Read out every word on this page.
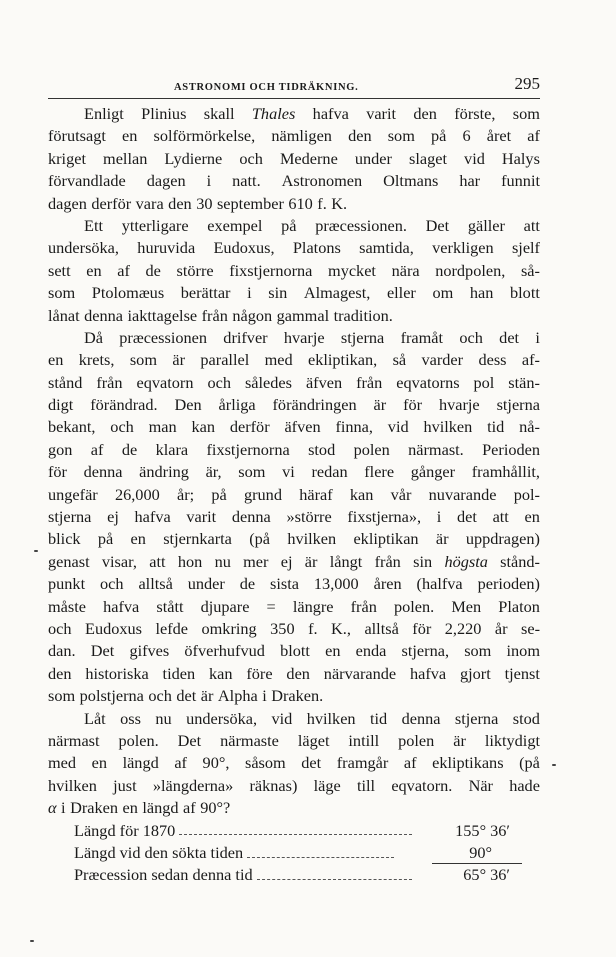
ASTRONOMI OCH TIDRÄKNING.	295
Enligt Plinius skall Thales hafva varit den förste, som
förutsagt en solförmörkelse, nämligen den som på 6 året af
kriget mellan Lydierne och Mederne under slaget vid Halys
förvandlade dagen i natt. Astronomen Oltmans har funnit
dagen derför vara den 30 september 610 f. K.
Ett ytterligare exempel på præcessionen. Det gäller att
undersöka, huruvida Eudoxus, Platons samtida, verkligen sjelf
sett en af de större fixstjernorna mycket nära nordpolen, så-
som Ptolomæus berättar i sin Almagest, eller om han blott
lånat denna iakttagelse från någon gammal tradition.
Då præcessionen drifver hvarje stjerna framåt och det i
en krets, som är parallel med ekliptikan, så varder dess af-
stånd från eqvatorn och således äfven från eqvatorns pol stän-
digt förändrad. Den årliga förändringen är för hvarje stjerna
bekant, och man kan derför äfven finna, vid hvilken tid nå-
gon af de klara fixstjernorna stod polen närmast. Perioden
för denna ändring är, som vi redan flere gånger framhållit,
ungefär 26,000 år; på grund häraf kan vår nuvarande pol-
stjerna ej hafva varit denna »större fixstjerna», i det att en
blick på en stjernkarta (på hvilken ekliptikan är uppdragen)
genast visar, att hon nu mer ej är långt från sin högsta stånd-
punkt och alltså under de sista 13,000 åren (halfva perioden)
måste hafva stått djupare = längre från polen. Men Platon
och Eudoxus lefde omkring 350 f. K., alltså för 2,220 år se-
dan. Det gifves öfverhufvud blott en enda stjerna, som inom
den historiska tiden kan före den närvarande hafva gjort tjenst
som polstjerna och det är Alpha i Draken.
Låt oss nu undersöka, vid hvilken tid denna stjerna stod
närmast polen. Det närmaste läget intill polen är liktydigt
med en längd af 90°, såsom det framgår af ekliptikans (på
hvilken just »längderna» räknas) läge till eqvatorn. När hade
α i Draken en längd af 90°?
Längd för 1870	155° 36′
Längd vid den sökta tiden	90°
Præcession sedan denna tid	65° 36′
